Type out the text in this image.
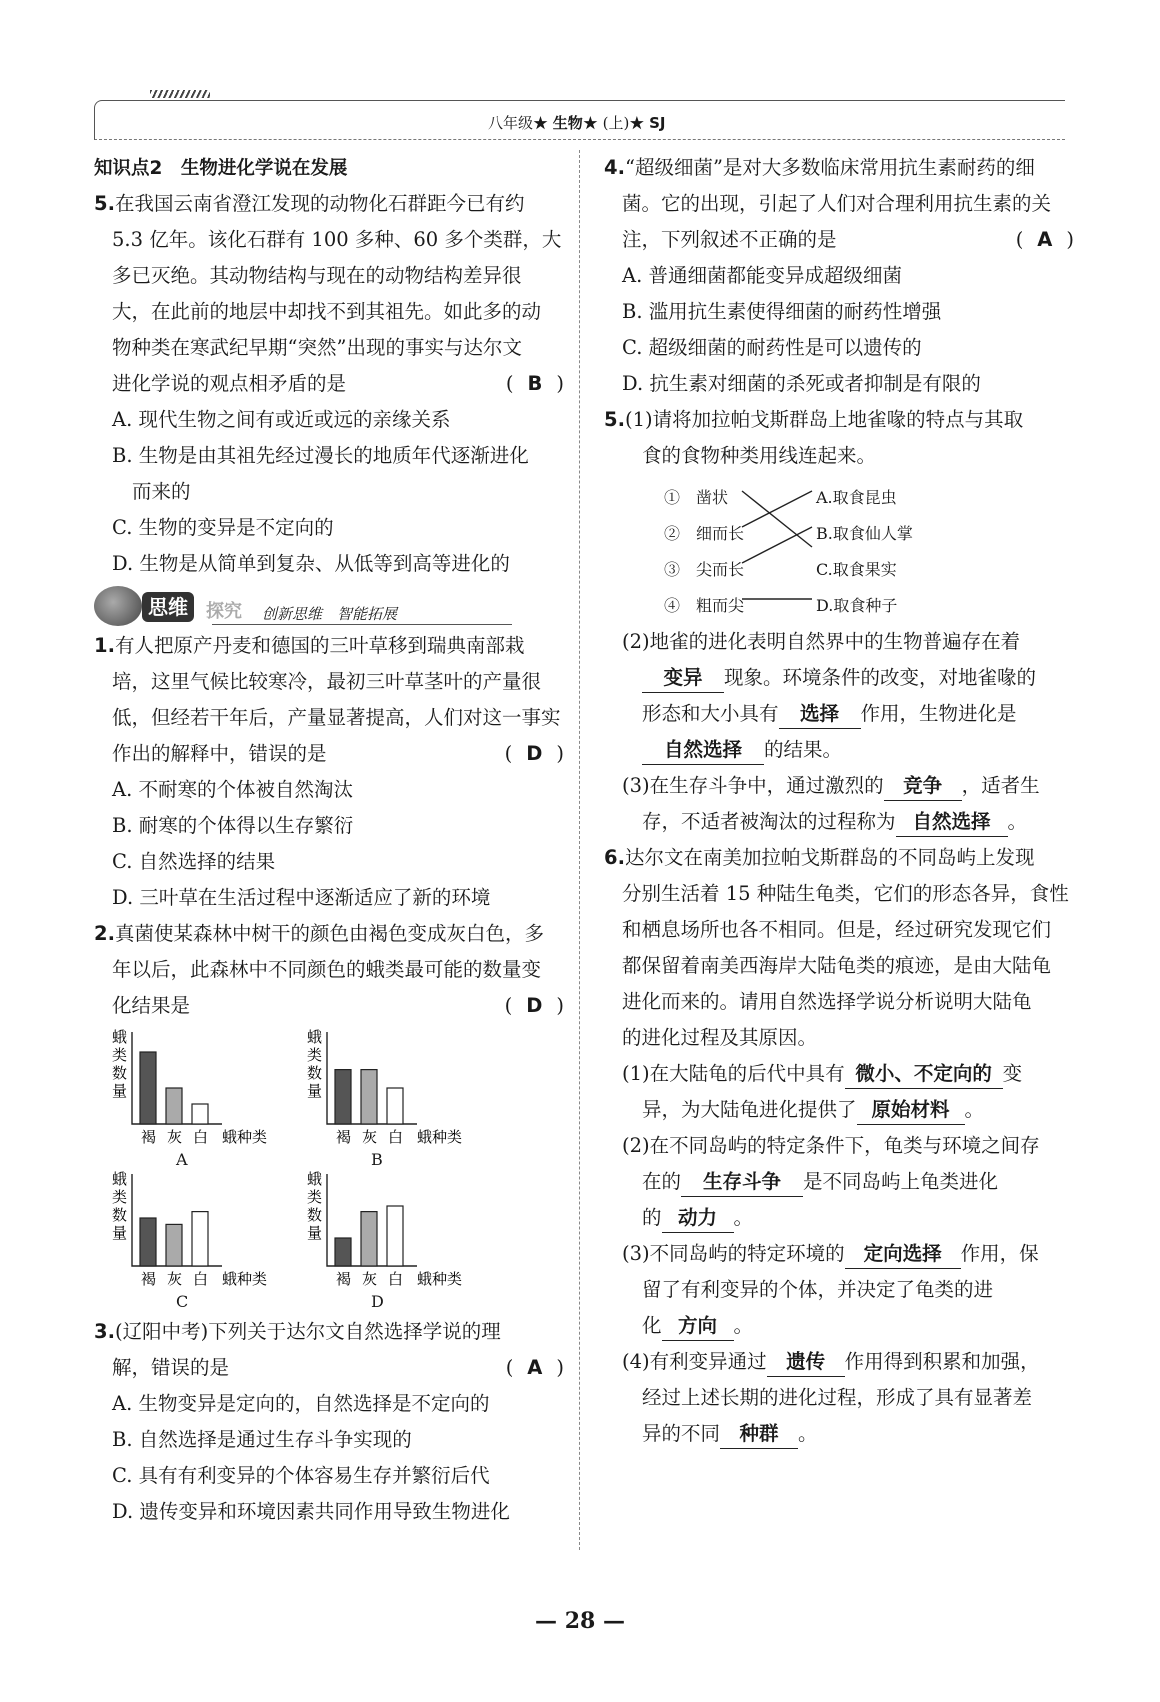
八年级★ 生物★ (上)★ SJ
知识点2　生物进化学说在发展
5.在我国云南省澄江发现的动物化石群距今已有约
5.3 亿年。该化石群有 100 多种、60 多个类群，大
多已灭绝。其动物结构与现在的动物结构差异很
大，在此前的地层中却找不到其祖先。如此多的动
物种类在寒武纪早期“突然”出现的事实与达尔文
进化学说的观点相矛盾的是	( B )
A. 现代生物之间有或近或远的亲缘关系
B. 生物是由其祖先经过漫长的地质年代逐渐进化
而来的
C. 生物的变异是不定向的
D. 生物是从简单到复杂、从低等到高等进化的
思维	探究 创新思维　智能拓展
1.有人把原产丹麦和德国的三叶草移到瑞典南部栽
培，这里气候比较寒冷，最初三叶草茎叶的产量很
低，但经若干年后，产量显著提高，人们对这一事实
作出的解释中，错误的是	( D )
A. 不耐寒的个体被自然淘汰
B. 耐寒的个体得以生存繁衍
C. 自然选择的结果
D. 三叶草在生活过程中逐渐适应了新的环境
2.真菌使某森林中树干的颜色由褐色变成灰白色，多
年以后，此森林中不同颜色的蛾类最可能的数量变
化结果是	( D )
蛾
类
数
量
褐 灰 白 蛾种类
A
蛾
类
数
量
褐 灰 白 蛾种类
B
蛾
类
数
量
褐 灰 白 蛾种类
C
蛾
类
数
量
褐 灰 白 蛾种类
D
3.(辽阳中考)下列关于达尔文自然选择学说的理
解，错误的是	( A )
A. 生物变异是定向的，自然选择是不定向的
B. 自然选择是通过生存斗争实现的
C. 具有有利变异的个体容易生存并繁衍后代
D. 遗传变异和环境因素共同作用导致生物进化
4.“超级细菌”是对大多数临床常用抗生素耐药的细
菌。它的出现，引起了人们对合理利用抗生素的关
注，下列叙述不正确的是	( A )
A. 普通细菌都能变异成超级细菌
B. 滥用抗生素使得细菌的耐药性增强
C. 超级细菌的耐药性是可以遗传的
D. 抗生素对细菌的杀死或者抑制是有限的
5.(1)请将加拉帕戈斯群岛上地雀喙的特点与其取
食的食物种类用线连起来。
①　凿状
②　细而长
③　尖而长
④　粗而尖
A.取食昆虫
B.取食仙人掌
C.取食果实
D.取食种子
(2)地雀的进化表明自然界中的生物普遍存在着
变异 现象。环境条件的改变，对地雀喙的
形态和大小具有 选择 作用，生物进化是
自然选择 的结果。
(3)在生存斗争中，通过激烈的 竞争 ，适者生
存，不适者被淘汰的过程称为 自然选择 。
6.达尔文在南美加拉帕戈斯群岛的不同岛屿上发现
分别生活着 15 种陆生龟类，它们的形态各异，食性
和栖息场所也各不相同。但是，经过研究发现它们
都保留着南美西海岸大陆龟类的痕迹，是由大陆龟
进化而来的。请用自然选择学说分析说明大陆龟
的进化过程及其原因。
(1)在大陆龟的后代中具有 微小、不定向的 变
异，为大陆龟进化提供了 原始材料 。
(2)在不同岛屿的特定条件下，龟类与环境之间存
在的 生存斗争 是不同岛屿上龟类进化
的 动力 。
(3)不同岛屿的特定环境的 定向选择 作用，保
留了有利变异的个体，并决定了龟类的进
化 方向 。
(4)有利变异通过 遗传 作用得到积累和加强，
经过上述长期的进化过程，形成了具有显著差
异的不同 种群 。
— 28 —
